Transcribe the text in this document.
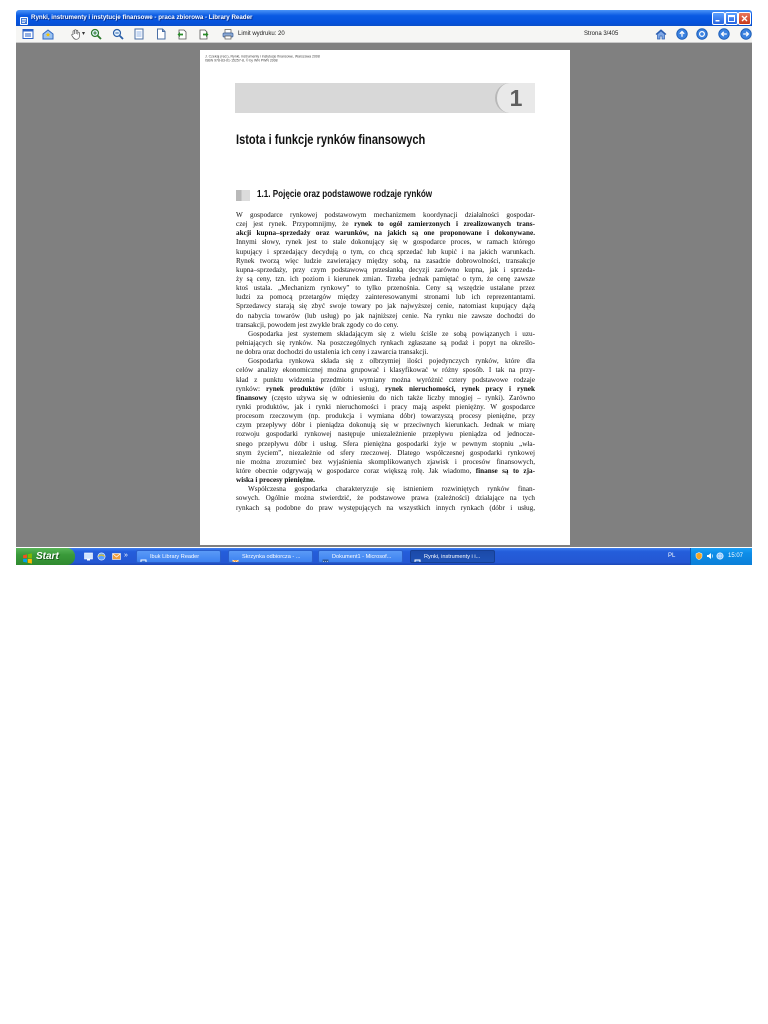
Rynki, instrumenty i instytucje finansowe - praca zbiorowa - Library Reader
▾	Limit wydruku: 20	Strona 3/405
J. Czekaj (red.), Rynki, instrumenty i instytucje finansowe, Warszawa 2008
ISBN 978-83-01-15257-8, © by WN PWN 2008
1
Istota i funkcje rynków finansowych
1.1. Pojęcie oraz podstawowe rodzaje rynków
W gospodarce rynkowej podstawowym mechanizmem koordynacji działalności gospodar-
czej jest rynek. Przypomnijmy, że rynek to ogół zamierzonych i zrealizowanych trans-
akcji kupna–sprzedaży oraz warunków, na jakich są one proponowane i dokonywane.
Innymi słowy, rynek jest to stale dokonujący się w gospodarce proces, w ramach którego
kupujący i sprzedający decydują o tym, co chcą sprzedać lub kupić i na jakich warunkach.
Rynek tworzą więc ludzie zawierający między sobą, na zasadzie dobrowolności, transakcje
kupna–sprzedaży, przy czym podstawową przesłanką decyzji zarówno kupna, jak i sprzeda-
ży są ceny, tzn. ich poziom i kierunek zmian. Trzeba jednak pamiętać o tym, że cenę zawsze
ktoś ustala. „Mechanizm rynkowy” to tylko przenośnia. Ceny są wszędzie ustalane przez
ludzi za pomocą przetargów między zainteresowanymi stronami lub ich reprezentantami.
Sprzedawcy starają się zbyć swoje towary po jak najwyższej cenie, natomiast kupujący dążą
do nabycia towarów (lub usług) po jak najniższej cenie. Na rynku nie zawsze dochodzi do
transakcji, powodem jest zwykle brak zgody co do ceny.
Gospodarka jest systemem składającym się z wielu ściśle ze sobą powiązanych i uzu-
pełniających się rynków. Na poszczególnych rynkach zgłaszane są podaż i popyt na określo-
ne dobra oraz dochodzi do ustalenia ich ceny i zawarcia transakcji.
Gospodarka rynkowa składa się z olbrzymiej ilości pojedynczych rynków, które dla
celów analizy ekonomicznej można grupować i klasyfikować w różny sposób. I tak na przy-
kład z punktu widzenia przedmiotu wymiany można wyróżnić cztery podstawowe rodzaje
rynków: rynek produktów (dóbr i usług), rynek nieruchomości, rynek pracy i rynek
finansowy (często używa się w odniesieniu do nich także liczby mnogiej – rynki). Zarówno
rynki produktów, jak i rynki nieruchomości i pracy mają aspekt pieniężny. W gospodarce
procesom rzeczowym (np. produkcja i wymiana dóbr) towarzyszą procesy pieniężne, przy
czym przepływy dóbr i pieniądza dokonują się w przeciwnych kierunkach. Jednak w miarę
rozwoju gospodarki rynkowej następuje uniezależnienie przepływu pieniądza od jednocze-
snego przepływu dóbr i usług. Sfera pieniężna gospodarki żyje w pewnym stopniu „wła-
snym życiem”, niezależnie od sfery rzeczowej. Dlatego współczesnej gospodarki rynkowej
nie można zrozumieć bez wyjaśnienia skomplikowanych zjawisk i procesów finansowych,
które obecnie odgrywają w gospodarce coraz większą rolę. Jak wiadomo, finanse są to zja-
wiska i procesy pieniężne.
Współczesna gospodarka charakteryzuje się istnieniem rozwiniętych rynków finan-
sowych. Ogólnie można stwierdzić, że podstawowe prawa (zależności) działające na tych
rynkach są podobne do praw występujących na wszystkich innych rynkach (dóbr i usług,
Start	»	Ibuk Library Reader	Skrzynka odbiorcza - ...	Dokument1 - Microsof...	Rynki, instrumenty i i...	PL	15:07
